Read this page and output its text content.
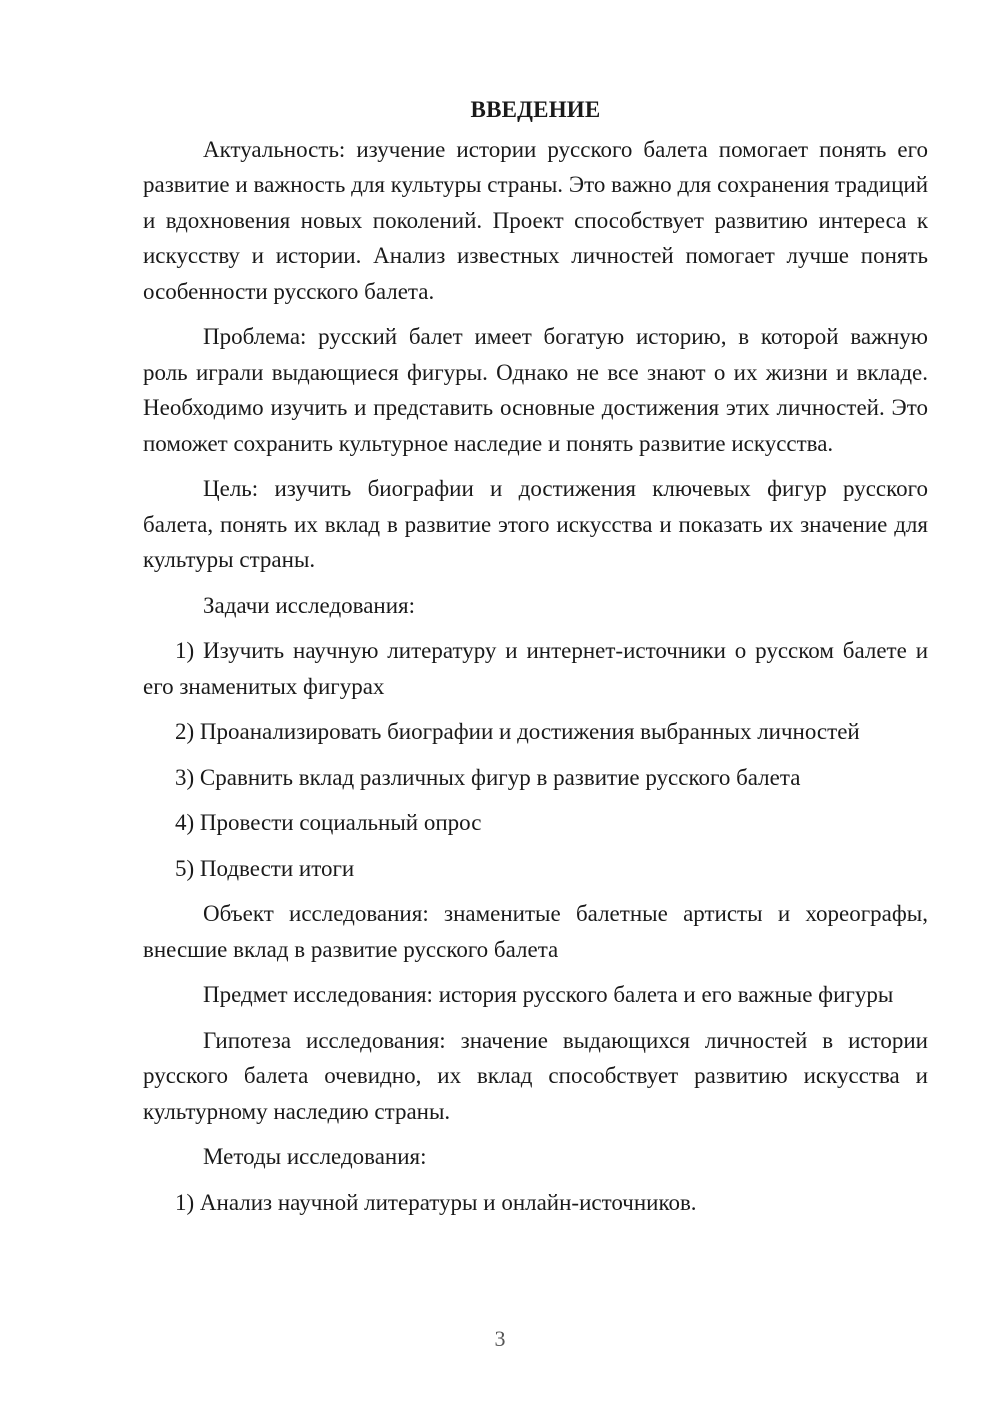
ВВЕДЕНИЕ

Актуальность: изучение истории русского балета помогает понять его развитие и важность для культуры страны. Это важно для сохранения традиций и вдохновения новых поколений. Проект способствует развитию интереса к искусству и истории. Анализ известных личностей помогает лучше понять особенности русского балета.

Проблема: русский балет имеет богатую историю, в которой важную роль играли выдающиеся фигуры. Однако не все знают о их жизни и вкладе. Необходимо изучить и представить основные достижения этих личностей. Это поможет сохранить культурное наследие и понять развитие искусства.

Цель: изучить биографии и достижения ключевых фигур русского балета, понять их вклад в развитие этого искусства и показать их значение для культуры страны.

Задачи исследования:

1) Изучить научную литературу и интернет-источники о русском балете и его знаменитых фигурах

2) Проанализировать биографии и достижения выбранных личностей

3) Сравнить вклад различных фигур в развитие русского балета

4) Провести социальный опрос

5) Подвести итоги

Объект исследования: знаменитые балетные артисты и хореографы, внесшие вклад в развитие русского балета

Предмет исследования: история русского балета и его важные фигуры

Гипотеза исследования: значение выдающихся личностей в истории русского балета очевидно, их вклад способствует развитию искусства и культурному наследию страны.

Методы исследования:

1) Анализ научной литературы и онлайн-источников.

3
